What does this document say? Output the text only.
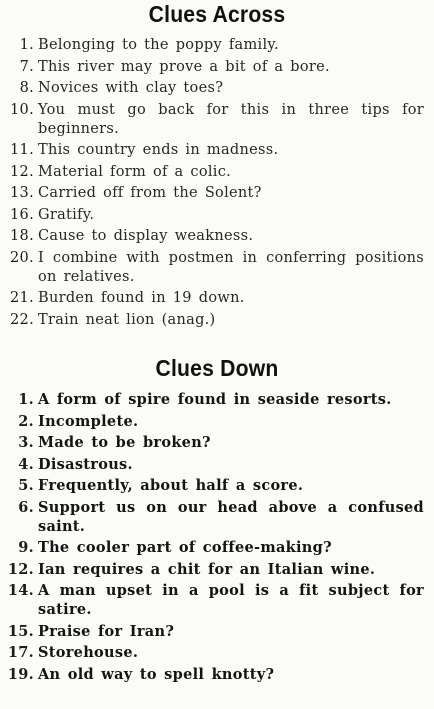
Clues Across
1. Belonging to the poppy family.
7. This river may prove a bit of a bore.
8. Novices with clay toes?
10. You must go back for this in three tips for beginners.
11. This country ends in madness.
12. Material form of a colic.
13. Carried off from the Solent?
16. Gratify.
18. Cause to display weakness.
20. I combine with postmen in conferring positions on relatives.
21. Burden found in 19 down.
22. Train neat lion (anag.)
Clues Down
1. A form of spire found in seaside resorts.
2. Incomplete.
3. Made to be broken?
4. Disastrous.
5. Frequently, about half a score.
6. Support us on our head above a confused saint.
9. The cooler part of coffee-making?
12. Ian requires a chit for an Italian wine.
14. A man upset in a pool is a fit subject for satire.
15. Praise for Iran?
17. Storehouse.
19. An old way to spell knotty?
